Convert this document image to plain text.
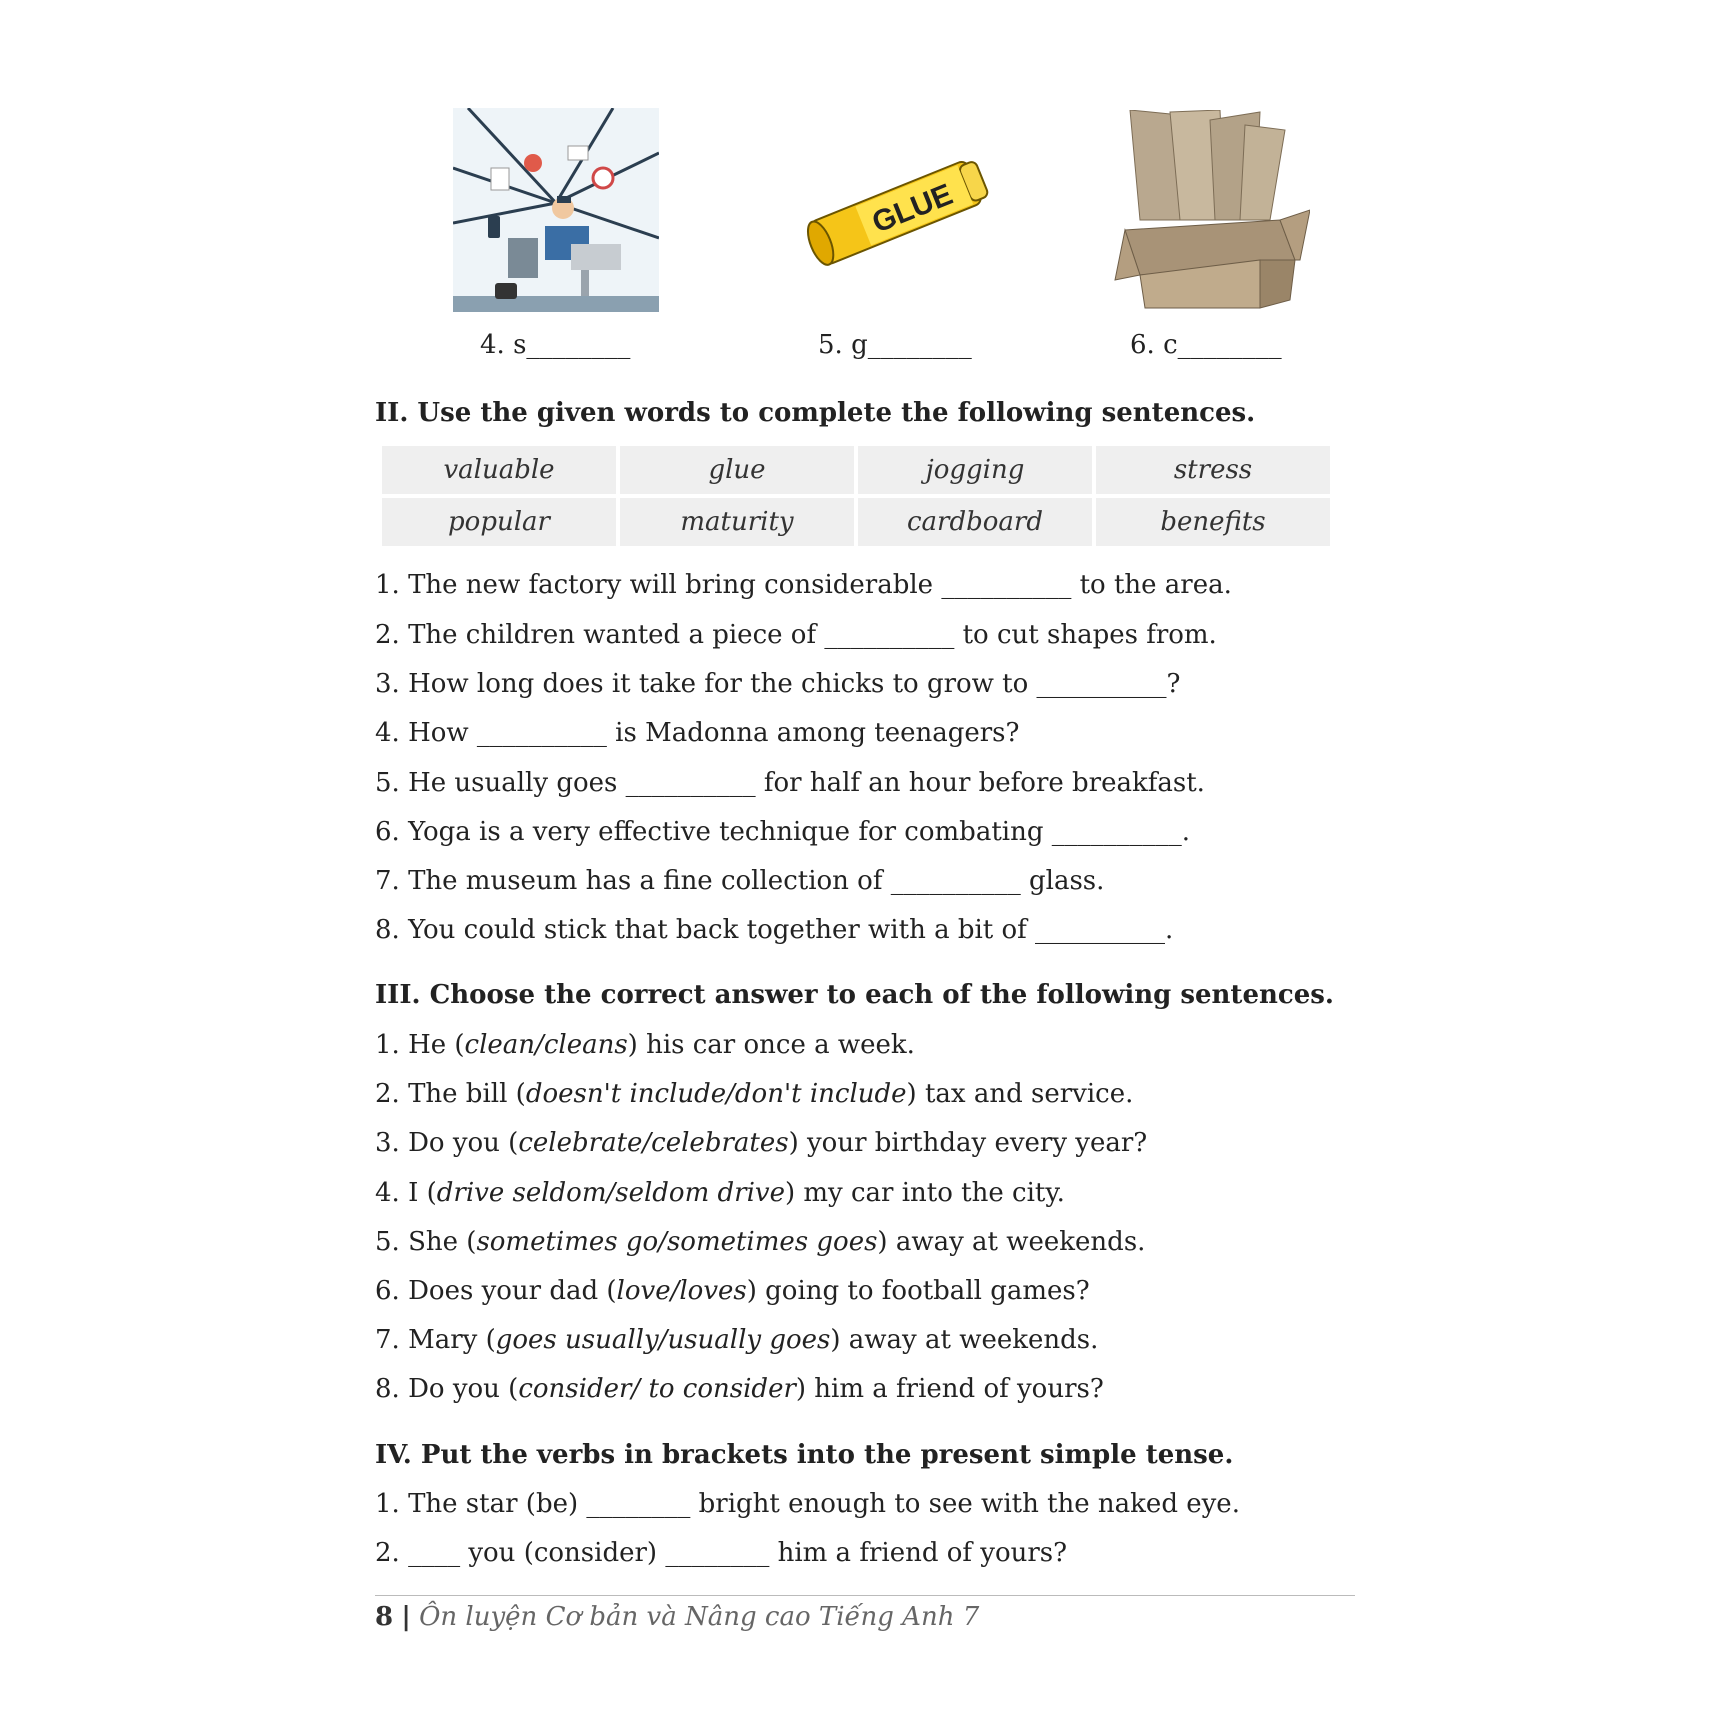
4. s________
GLUE
5. g________	6. c________
II. Use the given words to complete the following sentences.
valuable	glue	jogging	stress
popular	maturity	cardboard	benefits
1. The new factory will bring considerable __________ to the area.
2. The children wanted a piece of __________ to cut shapes from.
3. How long does it take for the chicks to grow to __________?
4. How __________ is Madonna among teenagers?
5. He usually goes __________ for half an hour before breakfast.
6. Yoga is a very effective technique for combating __________.
7. The museum has a fine collection of __________ glass.
8. You could stick that back together with a bit of __________.
III. Choose the correct answer to each of the following sentences.
1. He (clean/cleans) his car once a week.
2. The bill (doesn't include/don't include) tax and service.
3. Do you (celebrate/celebrates) your birthday every year?
4. I (drive seldom/seldom drive) my car into the city.
5. She (sometimes go/sometimes goes) away at weekends.
6. Does your dad (love/loves) going to football games?
7. Mary (goes usually/usually goes) away at weekends.
8. Do you (consider/ to consider) him a friend of yours?
IV. Put the verbs in brackets into the present simple tense.
1. The star (be) ________ bright enough to see with the naked eye.
2. ____ you (consider) ________ him a friend of yours?
8 | Ôn luyện Cơ bản và Nâng cao Tiếng Anh 7
